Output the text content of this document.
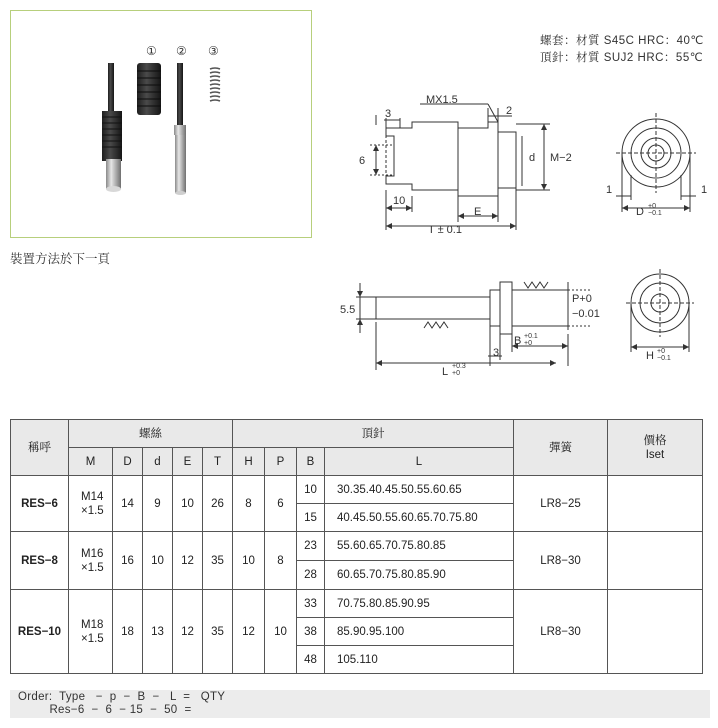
① ② ③
螺套：材質 S45C HRC：40℃
頂針：材質 SUJ2 HRC：55℃
裝置方法於下一頁
MX1.5
3	2
6	d M−2
10
E
T ± 0.1
1	1
D +0
−0.1
5.5
P+0
−0.01
B +0.1
+0
3
L +0.3
+0
H +0
−0.1
稱呼	螺絲					頂針				彈簧	價格
Iset

	M	D	d	E	T	H	P	B	L		
RES−6	M14
×1.5	14	9	10	26	8	6	10	30.35.40.45.50.55.60.65	LR8−25	
								15	40.45.50.55.60.65.70.75.80		
RES−8	M16
×1.5	16	10	12	35	10	8	23	55.60.65.70.75.80.85	LR8−30	
								28	60.65.70.75.80.85.90		
RES−10	M18
×1.5	18	13	12	35	12	10	33	70.75.80.85.90.95	LR8−30	
								38	85.90.95.100		
								48	105.110		
Order:  Type   −  p  −  B  −   L  =   QTY
Res−6  −  6  − 15  −  50  =
